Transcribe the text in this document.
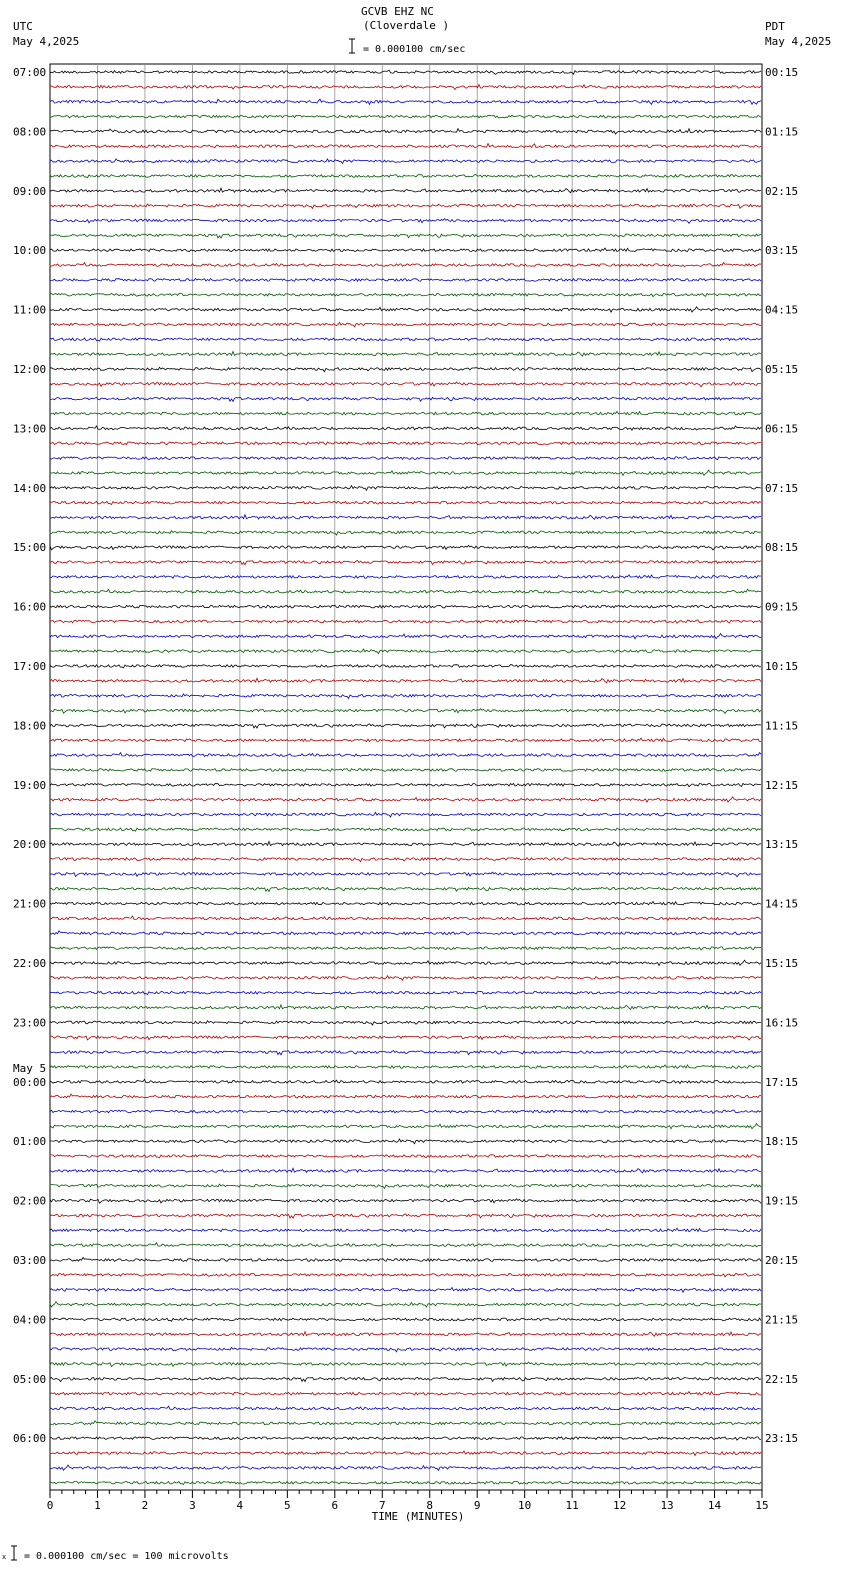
GCVB EHZ NC
(Cloverdale )
= 0.000100 cm/sec
UTC
May 4,2025
PDT
May 4,2025
0	1	2	3	4	5	6	7	8	9	10	11	12	13	14	15
TIME (MINUTES)
07:00	00:15
08:00	01:15
09:00	02:15
10:00	03:15
11:00	04:15
12:00	05:15
13:00	06:15
14:00	07:15
15:00	08:15
16:00	09:15
17:00	10:15
18:00	11:15
19:00	12:15
20:00	13:15
21:00	14:15
22:00	15:15
23:00	16:15
00:00	17:15
May 5
01:00	18:15
02:00	19:15
03:00	20:15
04:00	21:15
05:00	22:15
06:00	23:15
x = 0.000100 cm/sec = 100 microvolts
